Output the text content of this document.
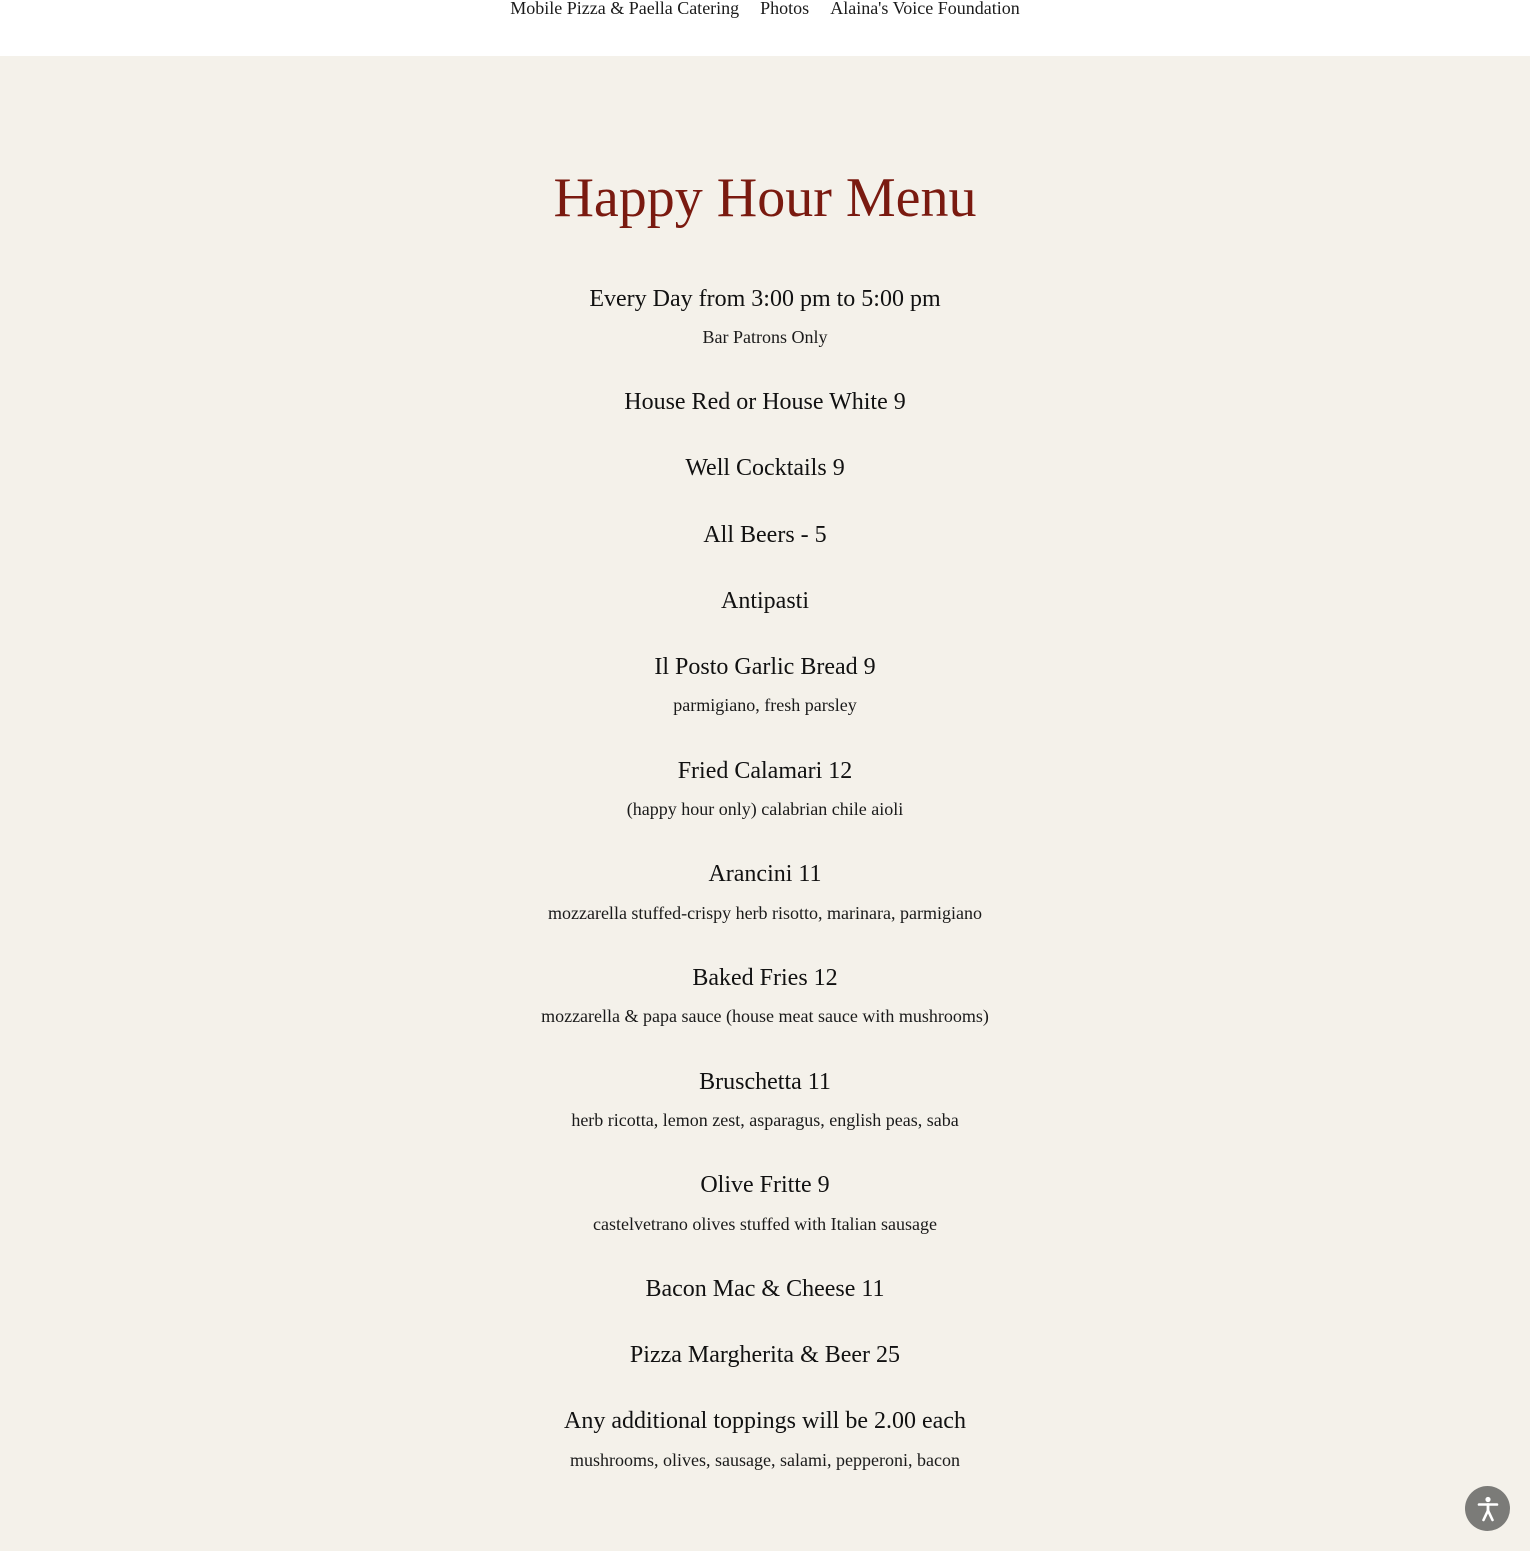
Mobile Pizza & Paella Catering Photos Alaina's Voice Foundation
Happy Hour Menu

Every Day from 3:00 pm to 5:00 pm

Bar Patrons Only

House Red or House White 9

Well Cocktails 9

All Beers - 5

Antipasti

Il Posto Garlic Bread 9

parmigiano, fresh parsley

Fried Calamari 12

(happy hour only) calabrian chile aioli

Arancini 11

mozzarella stuffed-crispy herb risotto, marinara, parmigiano

Baked Fries 12

mozzarella & papa sauce (house meat sauce with mushrooms)

Bruschetta 11

herb ricotta, lemon zest, asparagus, english peas, saba

Olive Fritte 9

castelvetrano olives stuffed with Italian sausage

Bacon Mac & Cheese 11

Pizza Margherita & Beer 25

Any additional toppings will be 2.00 each

mushrooms, olives, sausage, salami, pepperoni, bacon
